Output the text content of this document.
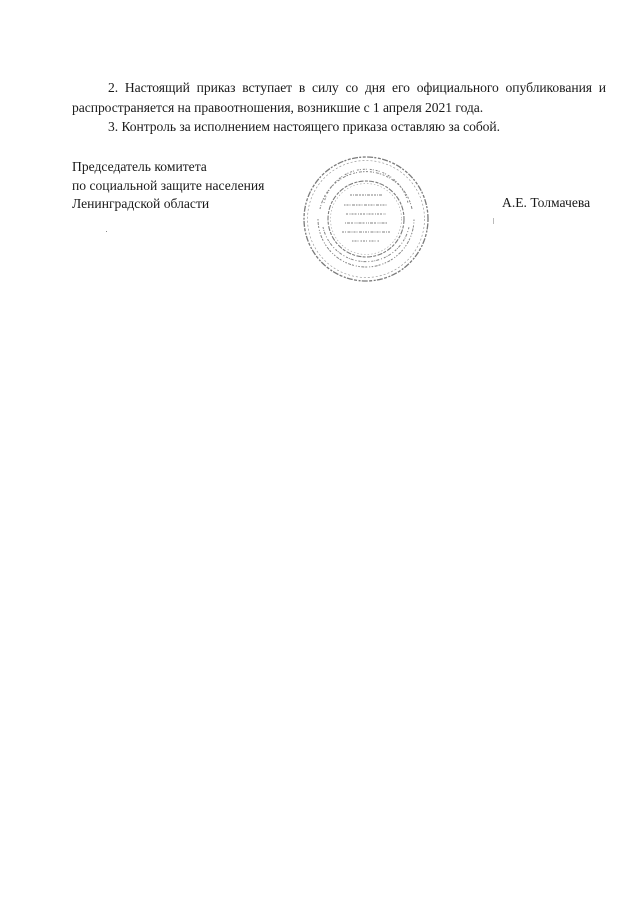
2. Настоящий приказ вступает в силу со дня его официального опубликования и распространяется на правоотношения, возникшие с 1 апреля 2021 года.

3. Контроль за исполнением настоящего приказа оставляю за собой.

Председатель комитета
по социальной защите населения
Ленинградской области	А.Е. Толмачева
